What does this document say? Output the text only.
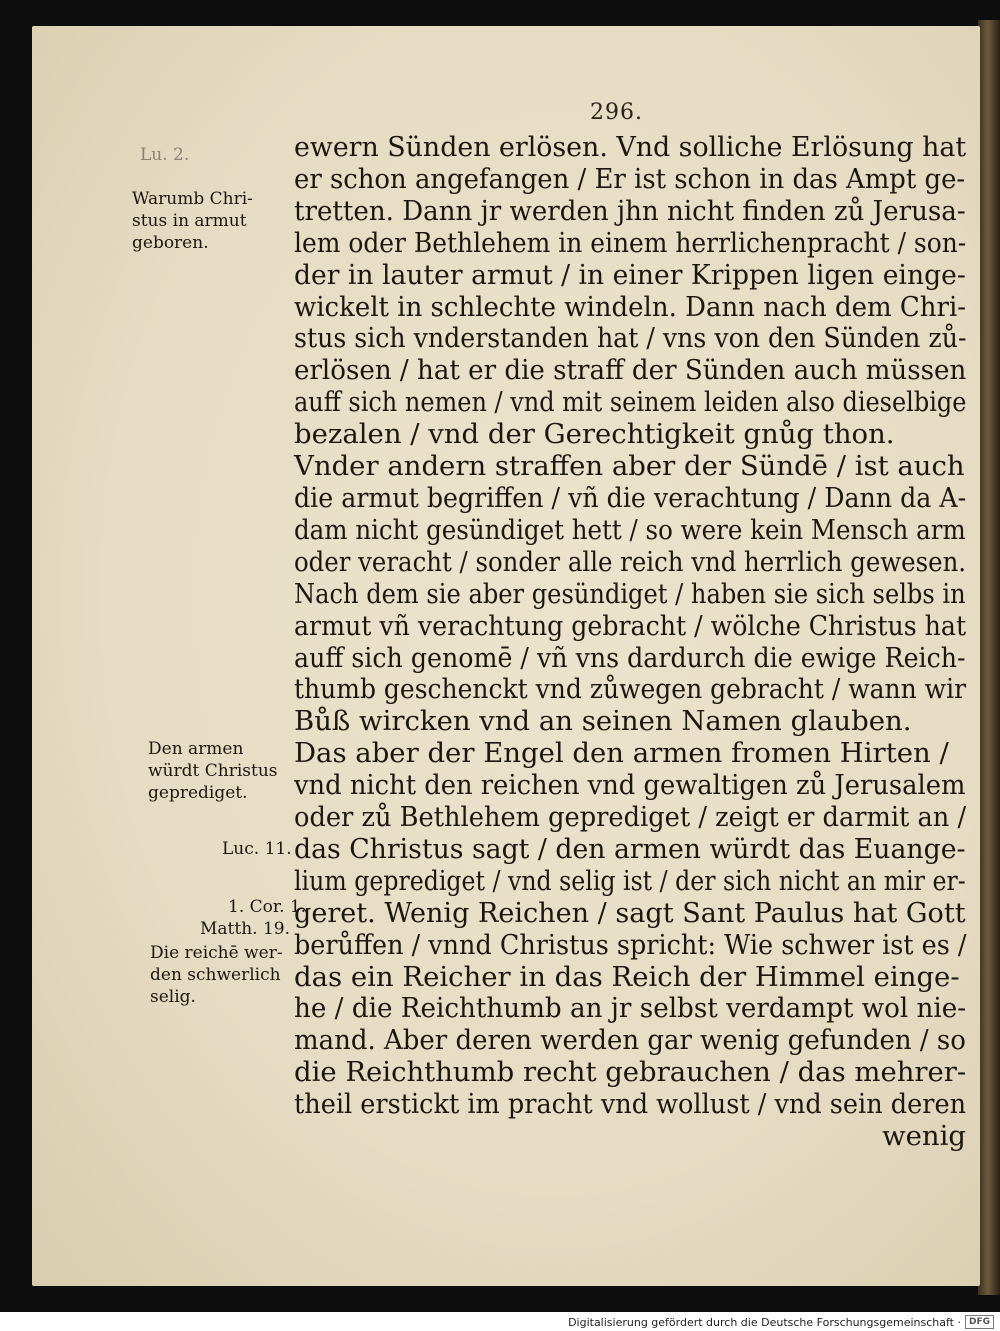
296.
Lu. 2.
Warumb Chri-
stus in armut
geboren.
Den armen
würdt Christus
geprediget.
Luc. 11.
1. Cor. 1.
Matth. 19.
Die reichē wer-
den schwerlich
selig.
ewern Sünden erlösen. Vnd solliche Erlösung hat
er schon angefangen / Er ist schon in das Ampt ge-
tretten. Dann jr werden jhn nicht finden zů Jerusa-
lem oder Bethlehem in einem herrlichenpracht / son-
der in lauter armut / in einer Krippen ligen einge-
wickelt in schlechte windeln. Dann nach dem Chri-
stus sich vnderstanden hat / vns von den Sünden zů-
erlösen / hat er die straff der Sünden auch müssen
auff sich nemen / vnd mit seinem leiden also dieselbige
bezalen / vnd der Gerechtigkeit gnůg thon.
Vnder andern straffen aber der Sündē / ist auch
die armut begriffen / vñ die verachtung / Dann da A-
dam nicht gesündiget hett / so were kein Mensch arm
oder veracht / sonder alle reich vnd herrlich gewesen.
Nach dem sie aber gesündiget / haben sie sich selbs in
armut vñ verachtung gebracht / wölche Christus hat
auff sich genomē / vñ vns dardurch die ewige Reich-
thumb geschenckt vnd zůwegen gebracht / wann wir
Bůß wircken vnd an seinen Namen glauben.
Das aber der Engel den armen fromen Hirten /
vnd nicht den reichen vnd gewaltigen zů Jerusalem
oder zů Bethlehem geprediget / zeigt er darmit an /
das Christus sagt / den armen würdt das Euange-
lium geprediget / vnd selig ist / der sich nicht an mir er-
geret. Wenig Reichen / sagt Sant Paulus hat Gott
berůffen / vnnd Christus spricht: Wie schwer ist es /
das ein Reicher in das Reich der Himmel einge-
he / die Reichthumb an jr selbst verdampt wol nie-
mand. Aber deren werden gar wenig gefunden / so
die Reichthumb recht gebrauchen / das mehrer-
theil erstickt im pracht vnd wollust / vnd sein deren
wenig
Digitalisierung gefördert durch die Deutsche Forschungsgemeinschaft · DFG
